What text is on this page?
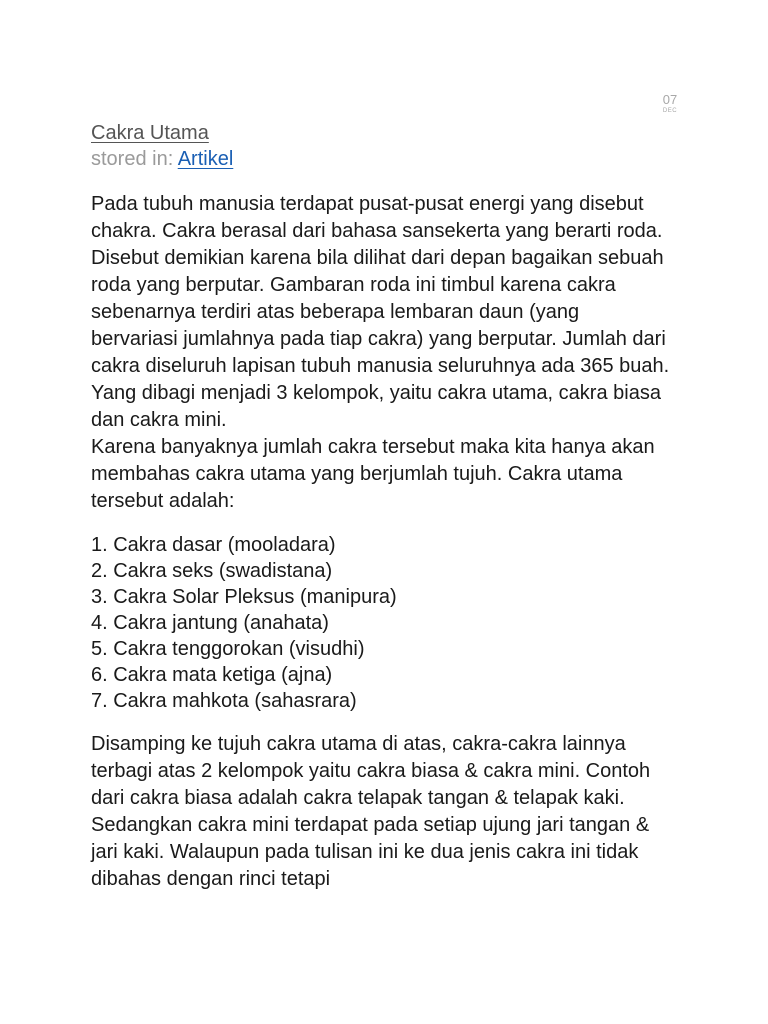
07
DEC
Cakra Utama

stored in: Artikel

Pada tubuh manusia terdapat pusat-pusat energi yang disebut chakra. Cakra berasal dari bahasa sansekerta yang berarti roda. Disebut demikian karena bila dilihat dari depan bagaikan sebuah roda yang berputar. Gambaran roda ini timbul karena cakra sebenarnya terdiri atas beberapa lembaran daun (yang bervariasi jumlahnya pada tiap cakra) yang berputar. Jumlah dari cakra diseluruh lapisan tubuh manusia seluruhnya ada 365 buah. Yang dibagi menjadi 3 kelompok, yaitu cakra utama, cakra biasa dan cakra mini.

Karena banyaknya jumlah cakra tersebut maka kita hanya akan membahas cakra utama yang berjumlah tujuh. Cakra utama tersebut adalah:

1. Cakra dasar (mooladara)
2. Cakra seks (swadistana)
3. Cakra Solar Pleksus (manipura)
4. Cakra jantung (anahata)
5. Cakra tenggorokan (visudhi)
6. Cakra mata ketiga (ajna)
7. Cakra mahkota (sahasrara)

Disamping ke tujuh cakra utama di atas, cakra-cakra lainnya terbagi atas 2 kelompok yaitu cakra biasa & cakra mini. Contoh dari cakra biasa adalah cakra telapak tangan & telapak kaki. Sedangkan cakra mini terdapat pada setiap ujung jari tangan & jari kaki. Walaupun pada tulisan ini ke dua jenis cakra ini tidak dibahas dengan rinci tetapi
